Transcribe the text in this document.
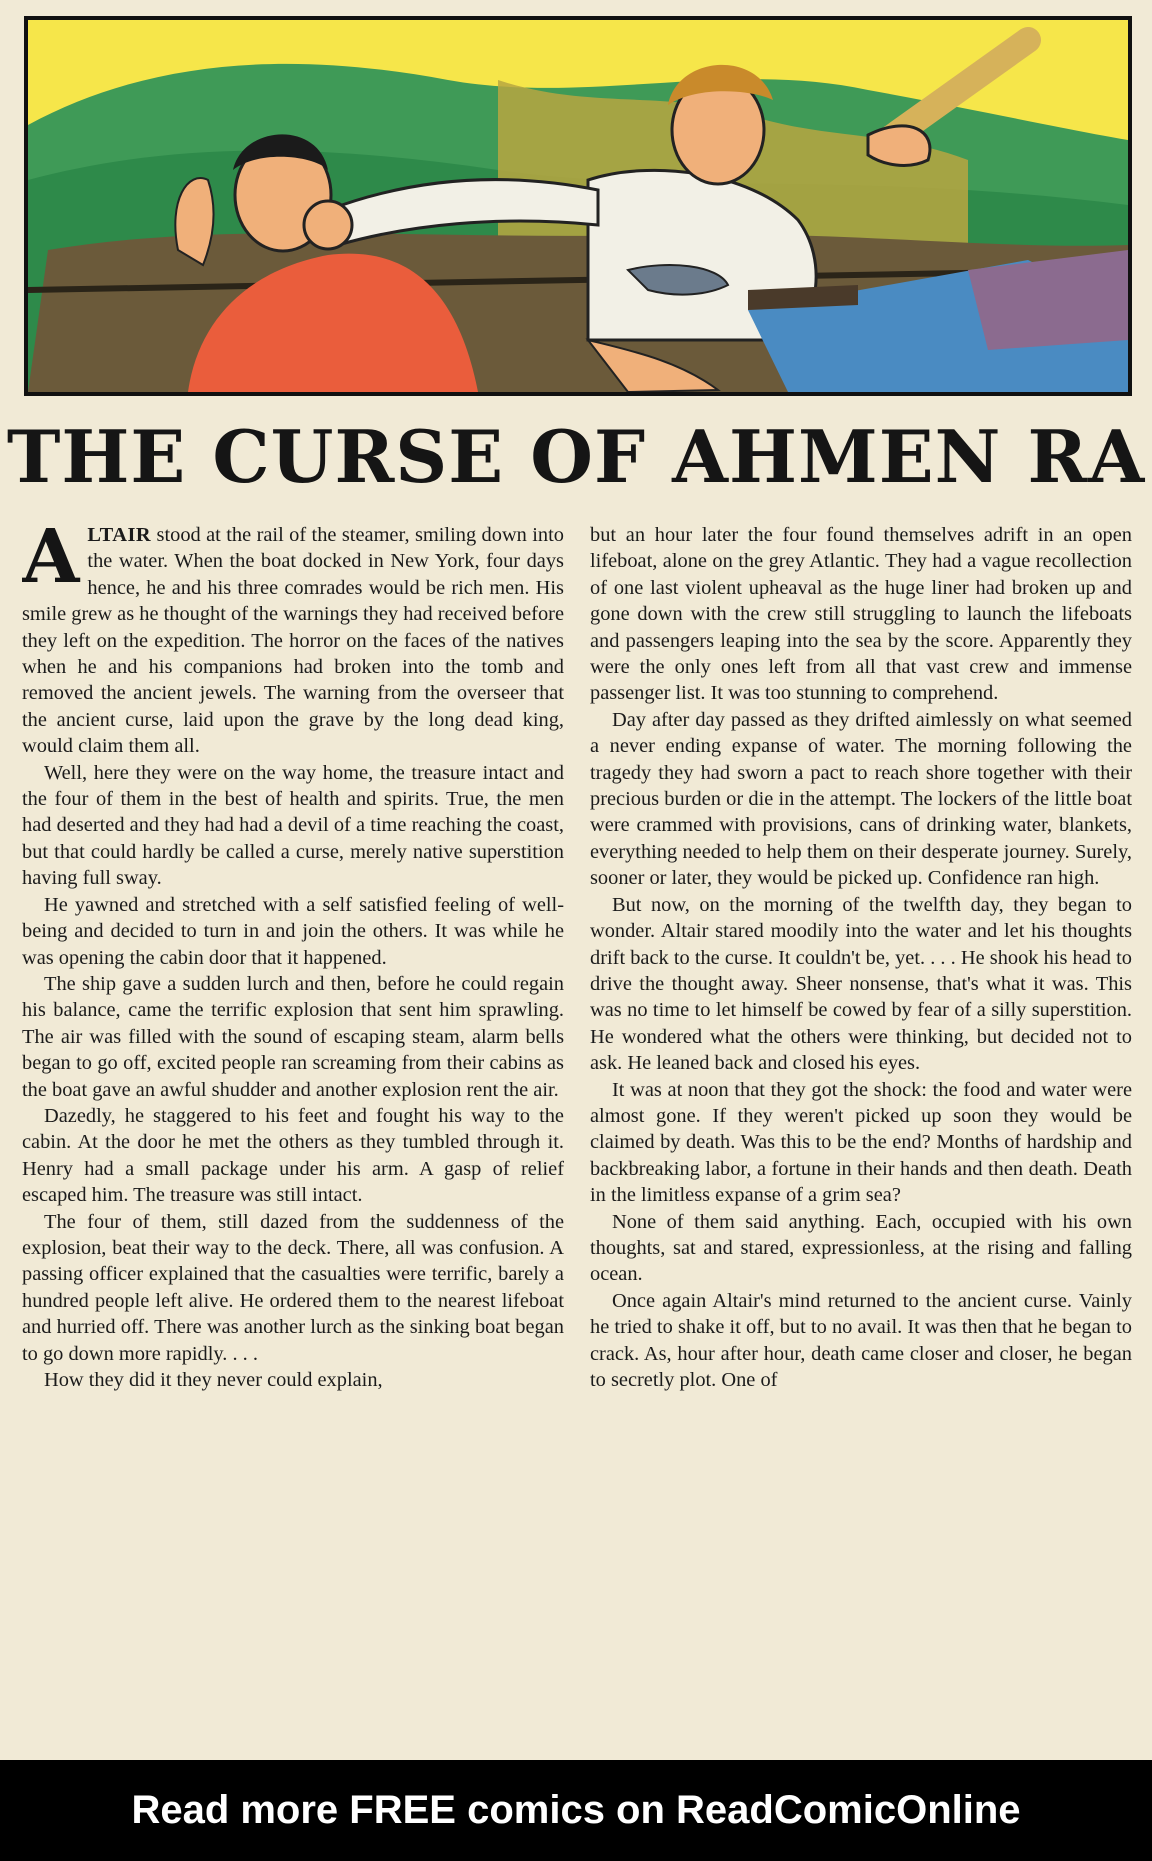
THE CURSE OF AHMEN RA

ALTAIR stood at the rail of the steamer, smiling down into the water. When the boat docked in New York, four days hence, he and his three comrades would be rich men. His smile grew as he thought of the warnings they had received before they left on the expedition. The horror on the faces of the natives when he and his companions had broken into the tomb and removed the ancient jewels. The warning from the overseer that the ancient curse, laid upon the grave by the long dead king, would claim them all.

Well, here they were on the way home, the treasure intact and the four of them in the best of health and spirits. True, the men had deserted and they had had a devil of a time reaching the coast, but that could hardly be called a curse, merely native superstition having full sway.

He yawned and stretched with a self satisfied feeling of well-being and decided to turn in and join the others. It was while he was opening the cabin door that it happened.

The ship gave a sudden lurch and then, before he could regain his balance, came the terrific explosion that sent him sprawling. The air was filled with the sound of escaping steam, alarm bells began to go off, excited people ran screaming from their cabins as the boat gave an awful shudder and another explosion rent the air.

Dazedly, he staggered to his feet and fought his way to the cabin. At the door he met the others as they tumbled through it. Henry had a small package under his arm. A gasp of relief escaped him. The treasure was still intact.

The four of them, still dazed from the suddenness of the explosion, beat their way to the deck. There, all was confusion. A passing officer explained that the casualties were terrific, barely a hundred people left alive. He ordered them to the nearest lifeboat and hurried off. There was another lurch as the sinking boat began to go down more rapidly. . . .

How they did it they never could explain,

but an hour later the four found themselves adrift in an open lifeboat, alone on the grey Atlantic. They had a vague recollection of one last violent upheaval as the huge liner had broken up and gone down with the crew still struggling to launch the lifeboats and passengers leaping into the sea by the score. Apparently they were the only ones left from all that vast crew and immense passenger list. It was too stunning to comprehend.

Day after day passed as they drifted aimlessly on what seemed a never ending expanse of water. The morning following the tragedy they had sworn a pact to reach shore together with their precious burden or die in the attempt. The lockers of the little boat were crammed with provisions, cans of drinking water, blankets, everything needed to help them on their desperate journey. Surely, sooner or later, they would be picked up. Confidence ran high.

But now, on the morning of the twelfth day, they began to wonder. Altair stared moodily into the water and let his thoughts drift back to the curse. It couldn't be, yet. . . . He shook his head to drive the thought away. Sheer nonsense, that's what it was. This was no time to let himself be cowed by fear of a silly superstition. He wondered what the others were thinking, but decided not to ask. He leaned back and closed his eyes.

It was at noon that they got the shock: the food and water were almost gone. If they weren't picked up soon they would be claimed by death. Was this to be the end? Months of hardship and backbreaking labor, a fortune in their hands and then death. Death in the limitless expanse of a grim sea?

None of them said anything. Each, occupied with his own thoughts, sat and stared, expressionless, at the rising and falling ocean.

Once again Altair's mind returned to the ancient curse. Vainly he tried to shake it off, but to no avail. It was then that he began to crack. As, hour after hour, death came closer and closer, he began to secretly plot. One of

Read more FREE comics on ReadComicOnline
